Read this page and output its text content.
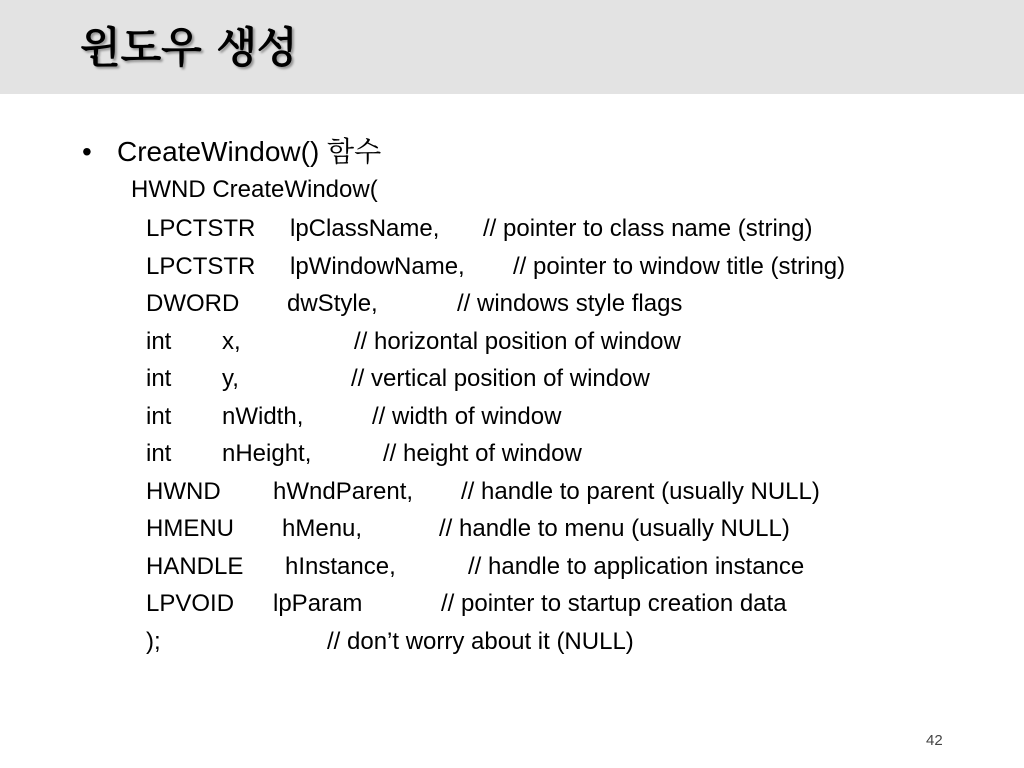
윈도우 생성
• CreateWindow() 함수
HWND CreateWindow(
LPCTSTR lpClassName, // pointer to class name (string)
LPCTSTR lpWindowName, // pointer to window title (string)
DWORD dwStyle,	// windows style flags
int x,	// horizontal position of window
int y,	// vertical position of window
int nWidth,	// width of window
int nHeight,	// height of window
HWND hWndParent, // handle to parent (usually NULL)
HMENU hMenu,	// handle to menu (usually NULL)
HANDLE hInstance,	// handle to application instance
LPVOID lpParam	// pointer to startup creation data
);	// don’t worry about it (NULL)
42
